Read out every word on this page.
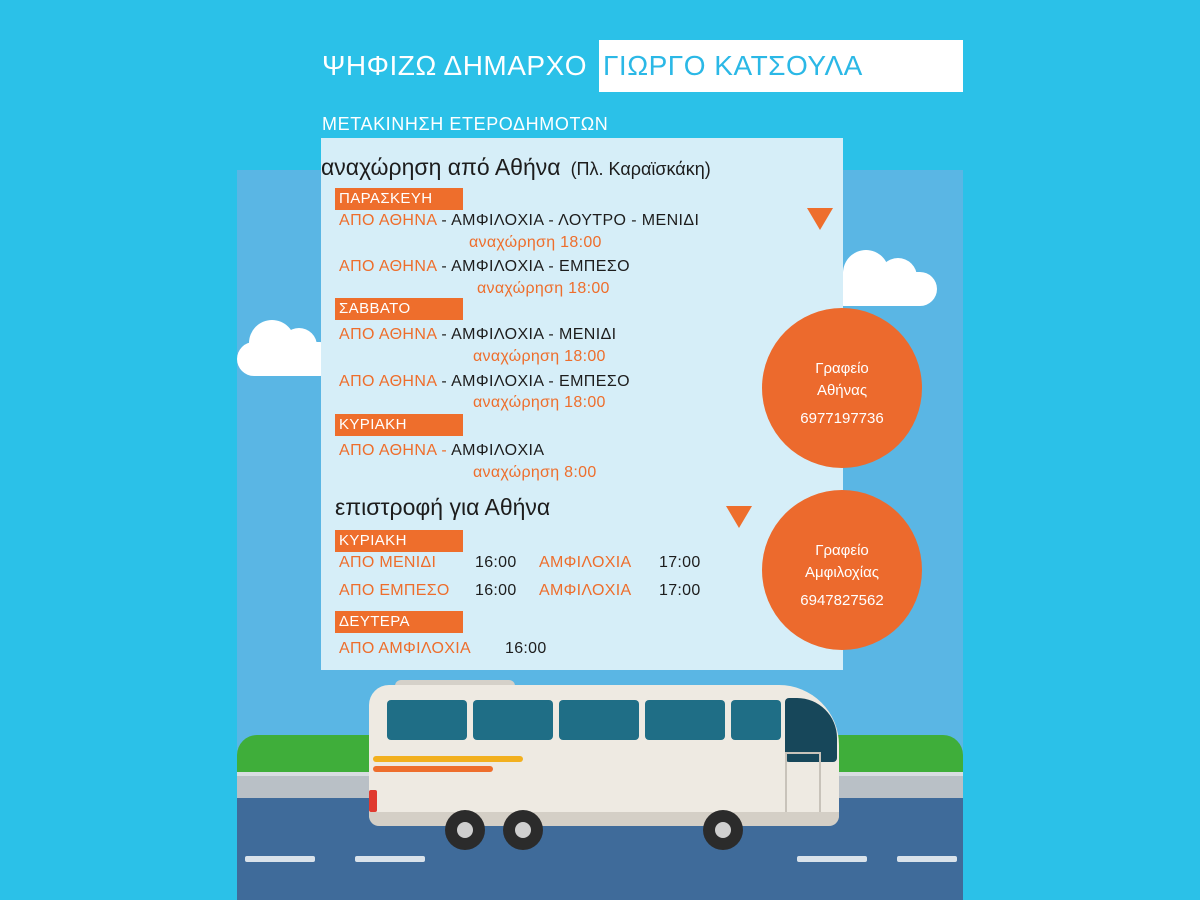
ΨΗΦΙΖΩ ΔΗΜΑΡΧΟ ΓΙΩΡΓΟ ΚΑΤΣΟΥΛΑ
ΜΕΤΑΚΙΝΗΣΗ ΕΤΕΡΟΔΗΜΟΤΩΝ
αναχώρηση από Αθήνα (Πλ. Καραϊσκάκη)
ΠΑΡΑΣΚΕΥΗ
ΑΠΟ ΑΘΗΝΑ - ΑΜΦΙΛΟΧΙΑ - ΛΟΥΤΡΟ - ΜΕΝΙΔΙ
αναχώρηση 18:00
ΑΠΟ ΑΘΗΝΑ - ΑΜΦΙΛΟΧΙΑ - ΕΜΠΕΣΟ
αναχώρηση 18:00
ΣΑΒΒΑΤΟ
ΑΠΟ ΑΘΗΝΑ - ΑΜΦΙΛΟΧΙΑ - ΜΕΝΙΔΙ
αναχώρηση 18:00
ΑΠΟ ΑΘΗΝΑ - ΑΜΦΙΛΟΧΙΑ - ΕΜΠΕΣΟ
αναχώρηση 18:00
ΚΥΡΙΑΚΗ
ΑΠΟ ΑΘΗΝΑ - ΑΜΦΙΛΟΧΙΑ
αναχώρηση 8:00
επιστροφή για Αθήνα
ΚΥΡΙΑΚΗ
ΑΠΟ ΜΕΝΙΔΙ 16:00 ΑΜΦΙΛΟΧΙΑ 17:00
ΑΠΟ ΕΜΠΕΣΟ 16:00 ΑΜΦΙΛΟΧΙΑ 17:00
ΔΕΥΤΕΡΑ
ΑΠΟ ΑΜΦΙΛΟΧΙΑ 16:00
Γραφείο
Αθήνας
6977197736
Γραφείο
Αμφιλοχίας
6947827562
